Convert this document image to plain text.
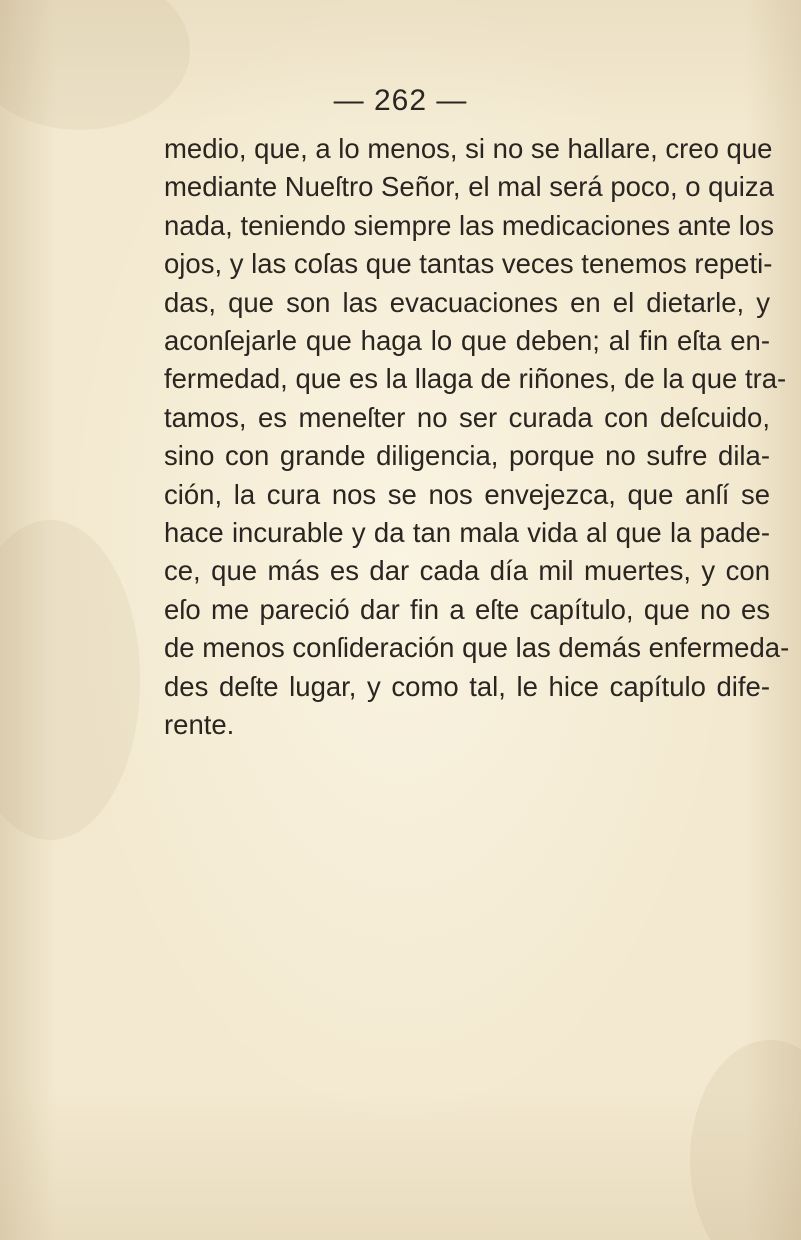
— 262 —
medio, que, a lo menos, si no se hallare, creo que
mediante Nueſtro Señor, el mal será poco, o quiza
nada, teniendo siempre las medicaciones ante los
ojos, y las coſas que tantas veces tenemos repeti-
das, que son las evacuaciones en el dietarle, y
aconſejarle que haga lo que deben; al fin eſta en-
fermedad, que es la llaga de riñones, de la que tra-
tamos, es meneſter no ser curada con deſcuido,
sino con grande diligencia, porque no sufre dila-
ción, la cura nos se nos envejezca, que anſí se
hace incurable y da tan mala vida al que la pade-
ce, que más es dar cada día mil muertes, y con
eſo me pareció dar fin a eſte capítulo, que no es
de menos conſideración que las demás enfermeda-
des deſte lugar, y como tal, le hice capítulo dife-
rente.
